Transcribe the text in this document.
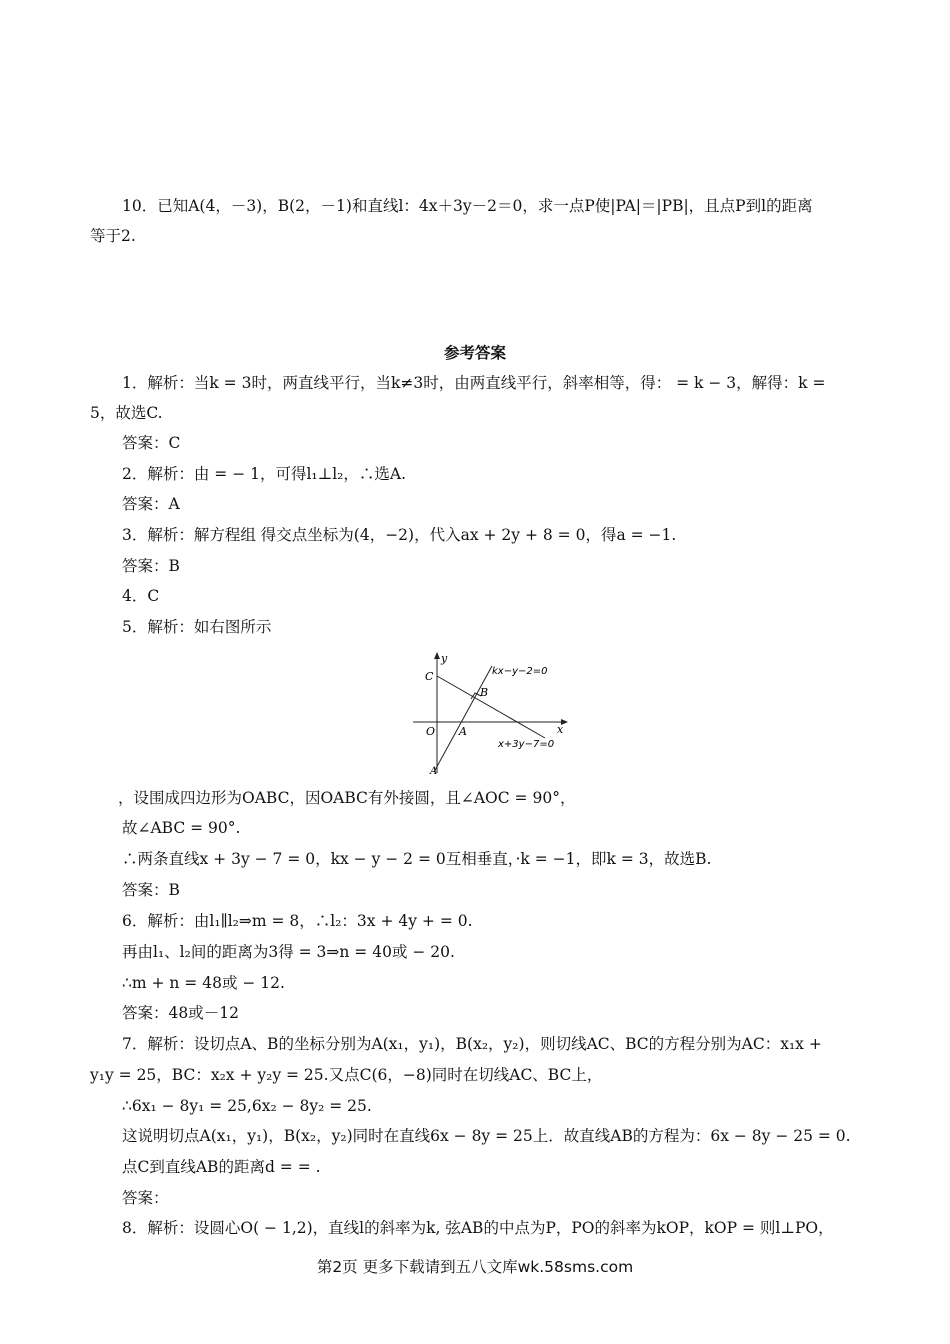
10．已知A(4，－3)，B(2，－1)和直线l：4x＋3y－2＝0，求一点P使|PA|＝|PB|，且点P到l的距离
等于2.
参考答案
1．解析：当k = 3时，两直线平行，当k≠3时，由两直线平行，斜率相等，得： = k − 3，解得：k =
5，故选C.
答案：C
2．解析：由 = − 1，可得l₁⊥l₂，∴选A.
答案：A
3．解析：解方程组 得交点坐标为(4，−2)，代入ax + 2y + 8 = 0，得a = −1.
答案：B
4．C
5．解析：如右图所示
y
x
C
B
O A
A
kx−y−2=0
x+3y−7=0
，设围成四边形为OABC，因OABC有外接圆，且∠AOC = 90°，
故∠ABC = 90°.
∴两条直线x + 3y − 7 = 0，kx − y − 2 = 0互相垂直，·k = −1，即k = 3，故选B.
答案：B
6．解析：由l₁∥l₂⇒m = 8，∴l₂：3x + 4y + = 0.
再由l₁、l₂间的距离为3得 = 3⇒n = 40或 − 20.
∴m + n = 48或 − 12.
答案：48或－12
7．解析：设切点A、B的坐标分别为A(x₁，y₁)，B(x₂，y₂)，则切线AC、BC的方程分别为AC：x₁x +
y₁y = 25，BC：x₂x + y₂y = 25.又点C(6，−8)同时在切线AC、BC上，
∴6x₁ − 8y₁ = 25,6x₂ − 8y₂ = 25.
这说明切点A(x₁，y₁)，B(x₂，y₂)同时在直线6x − 8y = 25上．故直线AB的方程为：6x − 8y − 25 = 0.
点C到直线AB的距离d = = .
答案：
8．解析：设圆心O( − 1,2)，直线l的斜率为k, 弦AB的中点为P，PO的斜率为kOP，kOP = 则l⊥PO，
第2页 更多下载请到五八文库wk.58sms.com
